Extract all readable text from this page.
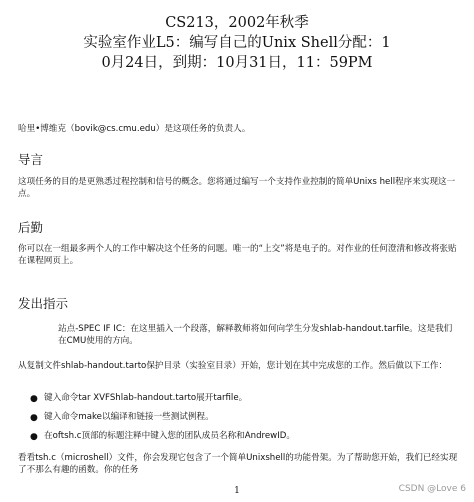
CS213，2002年秋季
实验室作业L5：编写自己的Unix Shell分配：1
0月24日，到期：10月31日，11：59PM
哈里•博维克（bovik@cs.cmu.edu）是这项任务的负责人。
导言
这项任务的目的是更熟悉过程控制和信号的概念。您将通过编写一个支持作业控制的简单Unixs hell程序来实现这一点。
后勤
你可以在一组最多两个人的工作中解决这个任务的问题。唯一的“上交”将是电子的。对作业的任何澄清和修改将张贴在课程网页上。
发出指示
站点-SPEC IF IC：在这里插入一个段落，解释教师将如何向学生分发shlab-handout.tarfile。这是我们在CMU使用的方向。
从复制文件shlab-handout.tarto保护目录（实验室目录）开始，您计划在其中完成您的工作。然后做以下工作：
● 键入命令tar XVFShlab-handout.tarto展开tarfile。
● 键入命令make以编译和链接一些测试例程。
● 在oftsh.c顶部的标题注释中键入您的团队成员名称和AndrewID。
看看tsh.c（microshell）文件，你会发现它包含了一个简单Unixshell的功能骨架。为了帮助您开始，我们已经实现了不那么有趣的函数。你的任务
1	CSDN @Love 6
